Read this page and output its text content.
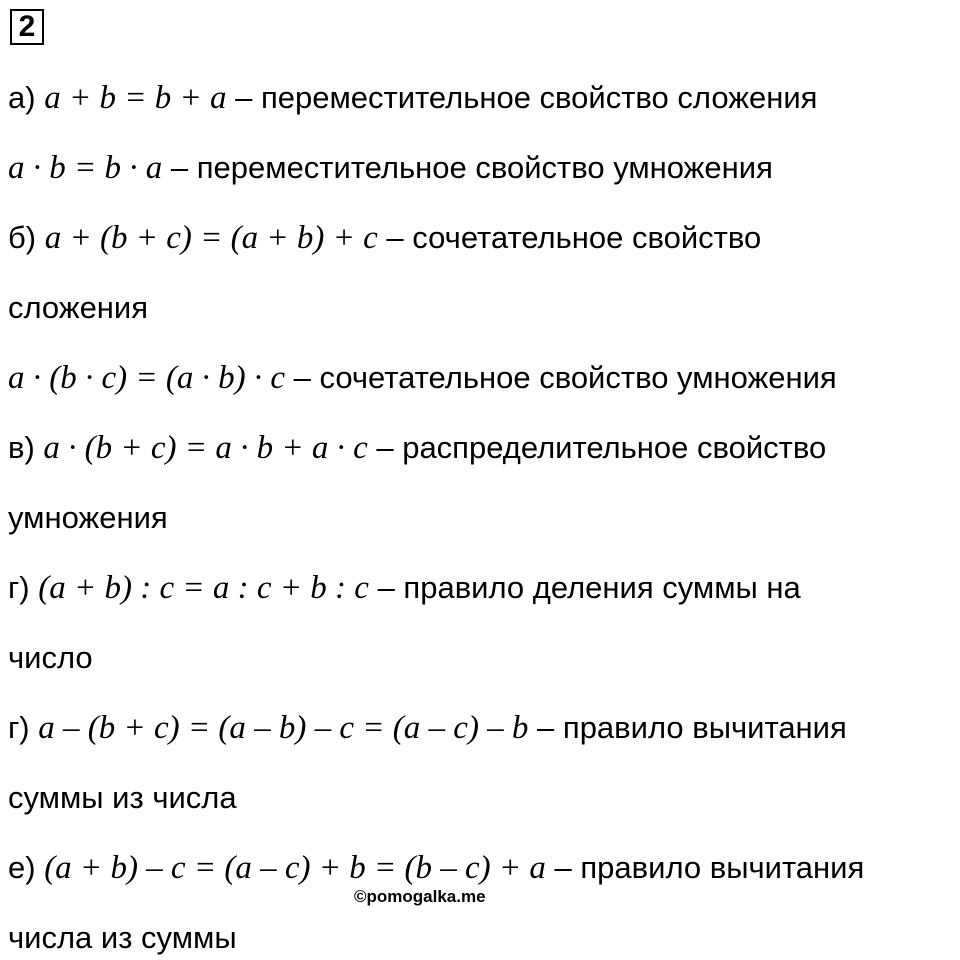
2
а) a + b = b + a – переместительное свойство сложения
a · b = b · a – переместительное свойство умножения
б) a + (b + c) = (a + b) + c – сочетательное свойство
сложения
a · (b · c) = (a · b) · c – сочетательное свойство умножения
в) a · (b + c) = a · b + a · c – распределительное свойство
умножения
г) (a + b) : c = a : c + b : c – правило деления суммы на
число
г) a – (b + c) = (a – b) – c = (a – c) – b – правило вычитания
суммы из числа
е) (a + b) – c = (a – c) + b = (b – c) + a – правило вычитания
числа из суммы
©pomogalka.me
